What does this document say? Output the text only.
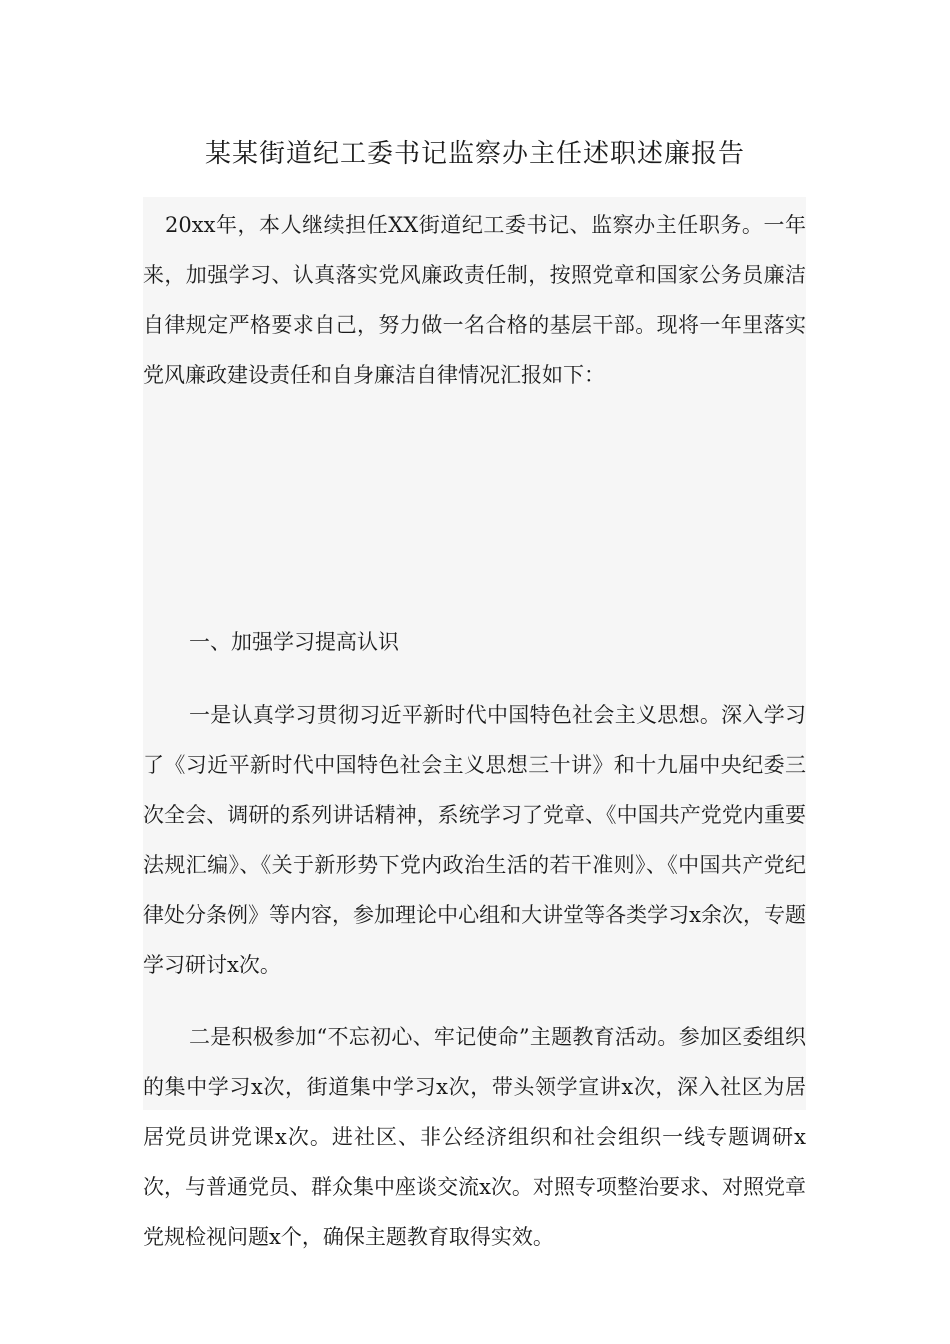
某某街道纪工委书记监察办主任述职述廉报告

20xx年，本人继续担任XX街道纪工委书记、监察办主任职务。一年来，加强学习、认真落实党风廉政责任制，按照党章和国家公务员廉洁自律规定严格要求自己，努力做一名合格的基层干部。现将一年里落实党风廉政建设责任和自身廉洁自律情况汇报如下：

一、加强学习提高认识

一是认真学习贯彻习近平新时代中国特色社会主义思想。深入学习了《习近平新时代中国特色社会主义思想三十讲》和十九届中央纪委三次全会、调研的系列讲话精神，系统学习了党章、《中国共产党党内重要法规汇编》、《关于新形势下党内政治生活的若干准则》、《中国共产党纪律处分条例》等内容，参加理论中心组和大讲堂等各类学习x余次，专题学习研讨x次。

二是积极参加“不忘初心、牢记使命”主题教育活动。参加区委组织的集中学习x次，街道集中学习x次，带头领学宣讲x次，深入社区为居居党员讲党课x次。进社区、非公经济组织和社会组织一线专题调研x次，与普通党员、群众集中座谈交流x次。对照专项整治要求、对照党章党规检视问题x个，确保主题教育取得实效。
